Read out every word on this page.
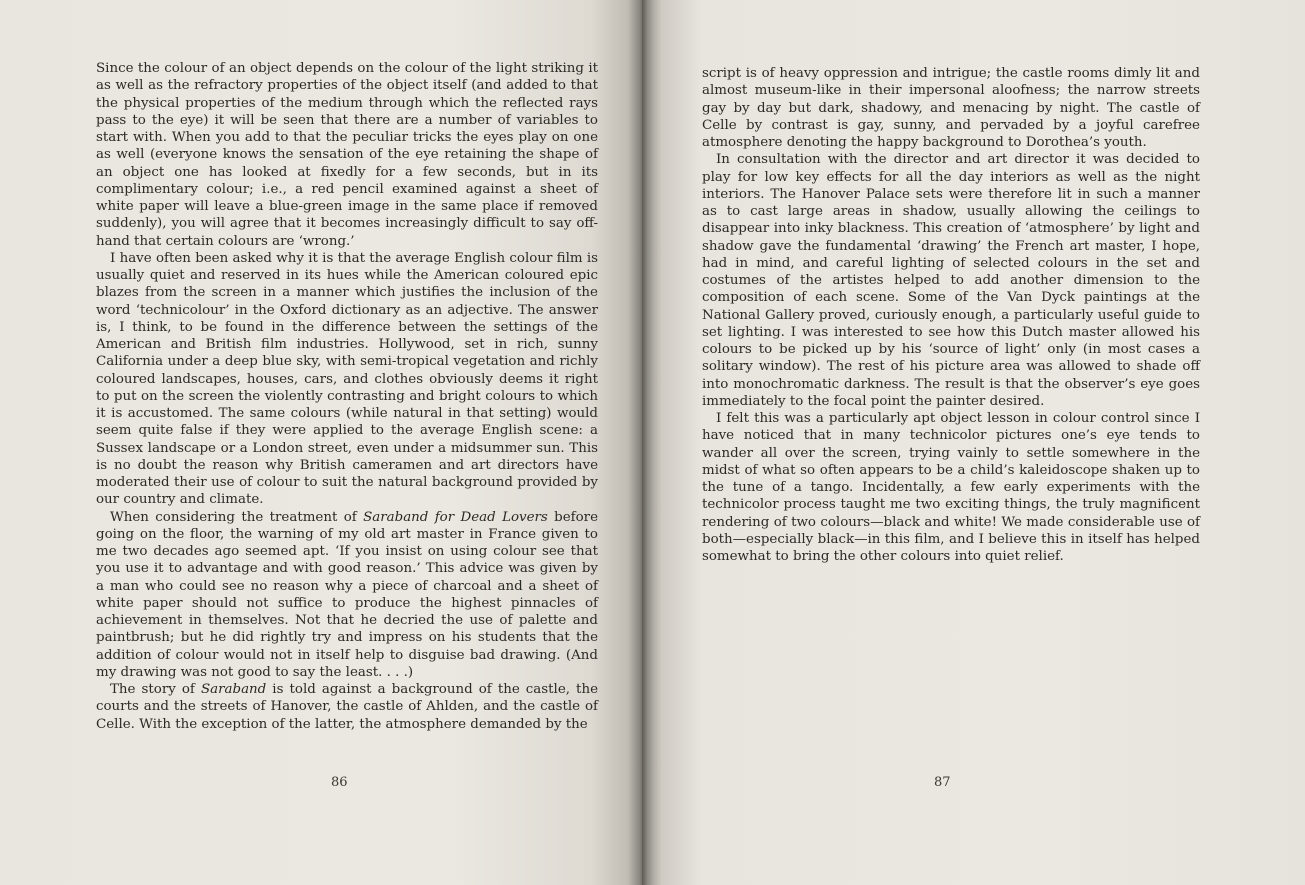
Since the colour of an object depends on the colour of the light striking it as well as the refractory properties of the object itself (and added to that the physical properties of the medium through which the reflected rays pass to the eye) it will be seen that there are a number of variables to start with. When you add to that the peculiar tricks the eyes play on one as well (everyone knows the sensation of the eye retaining the shape of an object one has looked at fixedly for a few seconds, but in its complimentary colour; i.e., a red pencil examined against a sheet of white paper will leave a blue-green image in the same place if removed suddenly), you will agree that it becomes increasingly difficult to say off-hand that certain colours are ‘wrong.’

I have often been asked why it is that the average English colour film is usually quiet and reserved in its hues while the American coloured epic blazes from the screen in a manner which justifies the inclusion of the word ‘technicolour’ in the Oxford dictionary as an adjective. The answer is, I think, to be found in the difference between the settings of the American and British film industries. Hollywood, set in rich, sunny California under a deep blue sky, with semi-tropical vegetation and richly coloured landscapes, houses, cars, and clothes obviously deems it right to put on the screen the violently contrasting and bright colours to which it is accustomed. The same colours (while natural in that setting) would seem quite false if they were applied to the average English scene: a Sussex landscape or a London street, even under a midsummer sun. This is no doubt the reason why British cameramen and art directors have moderated their use of colour to suit the natural background provided by our country and climate.

When considering the treatment of Saraband for Dead Lovers before going on the floor, the warning of my old art master in France given to me two decades ago seemed apt. ‘If you insist on using colour see that you use it to advantage and with good reason.’ This advice was given by a man who could see no reason why a piece of charcoal and a sheet of white paper should not suffice to produce the highest pinnacles of achievement in themselves. Not that he decried the use of palette and paintbrush; but he did rightly try and impress on his students that the addition of colour would not in itself help to disguise bad drawing. (And my drawing was not good to say the least. . . .)

The story of Saraband is told against a background of the castle, the courts and the streets of Hanover, the castle of Ahlden, and the castle of Celle. With the exception of the latter, the atmosphere demanded by the

86

script is of heavy oppression and intrigue; the castle rooms dimly lit and almost museum-like in their impersonal aloofness; the narrow streets gay by day but dark, shadowy, and menacing by night. The castle of Celle by contrast is gay, sunny, and pervaded by a joyful carefree atmosphere denoting the happy background to Dorothea’s youth.

In consultation with the director and art director it was decided to play for low key effects for all the day interiors as well as the night interiors. The Hanover Palace sets were therefore lit in such a manner as to cast large areas in shadow, usually allowing the ceilings to disappear into inky blackness. This creation of ‘atmosphere’ by light and shadow gave the fundamental ‘drawing’ the French art master, I hope, had in mind, and careful lighting of selected colours in the set and costumes of the artistes helped to add another dimension to the composition of each scene. Some of the Van Dyck paintings at the National Gallery proved, curiously enough, a particularly useful guide to set lighting. I was interested to see how this Dutch master allowed his colours to be picked up by his ‘source of light’ only (in most cases a solitary window). The rest of his picture area was allowed to shade off into monochromatic darkness. The result is that the observer’s eye goes immediately to the focal point the painter desired.

I felt this was a particularly apt object lesson in colour control since I have noticed that in many technicolor pictures one’s eye tends to wander all over the screen, trying vainly to settle somewhere in the midst of what so often appears to be a child’s kaleidoscope shaken up to the tune of a tango. Incidentally, a few early experiments with the technicolor process taught me two exciting things, the truly magnificent rendering of two colours—black and white! We made considerable use of both—especially black—in this film, and I believe this in itself has helped somewhat to bring the other colours into quiet relief.

87
